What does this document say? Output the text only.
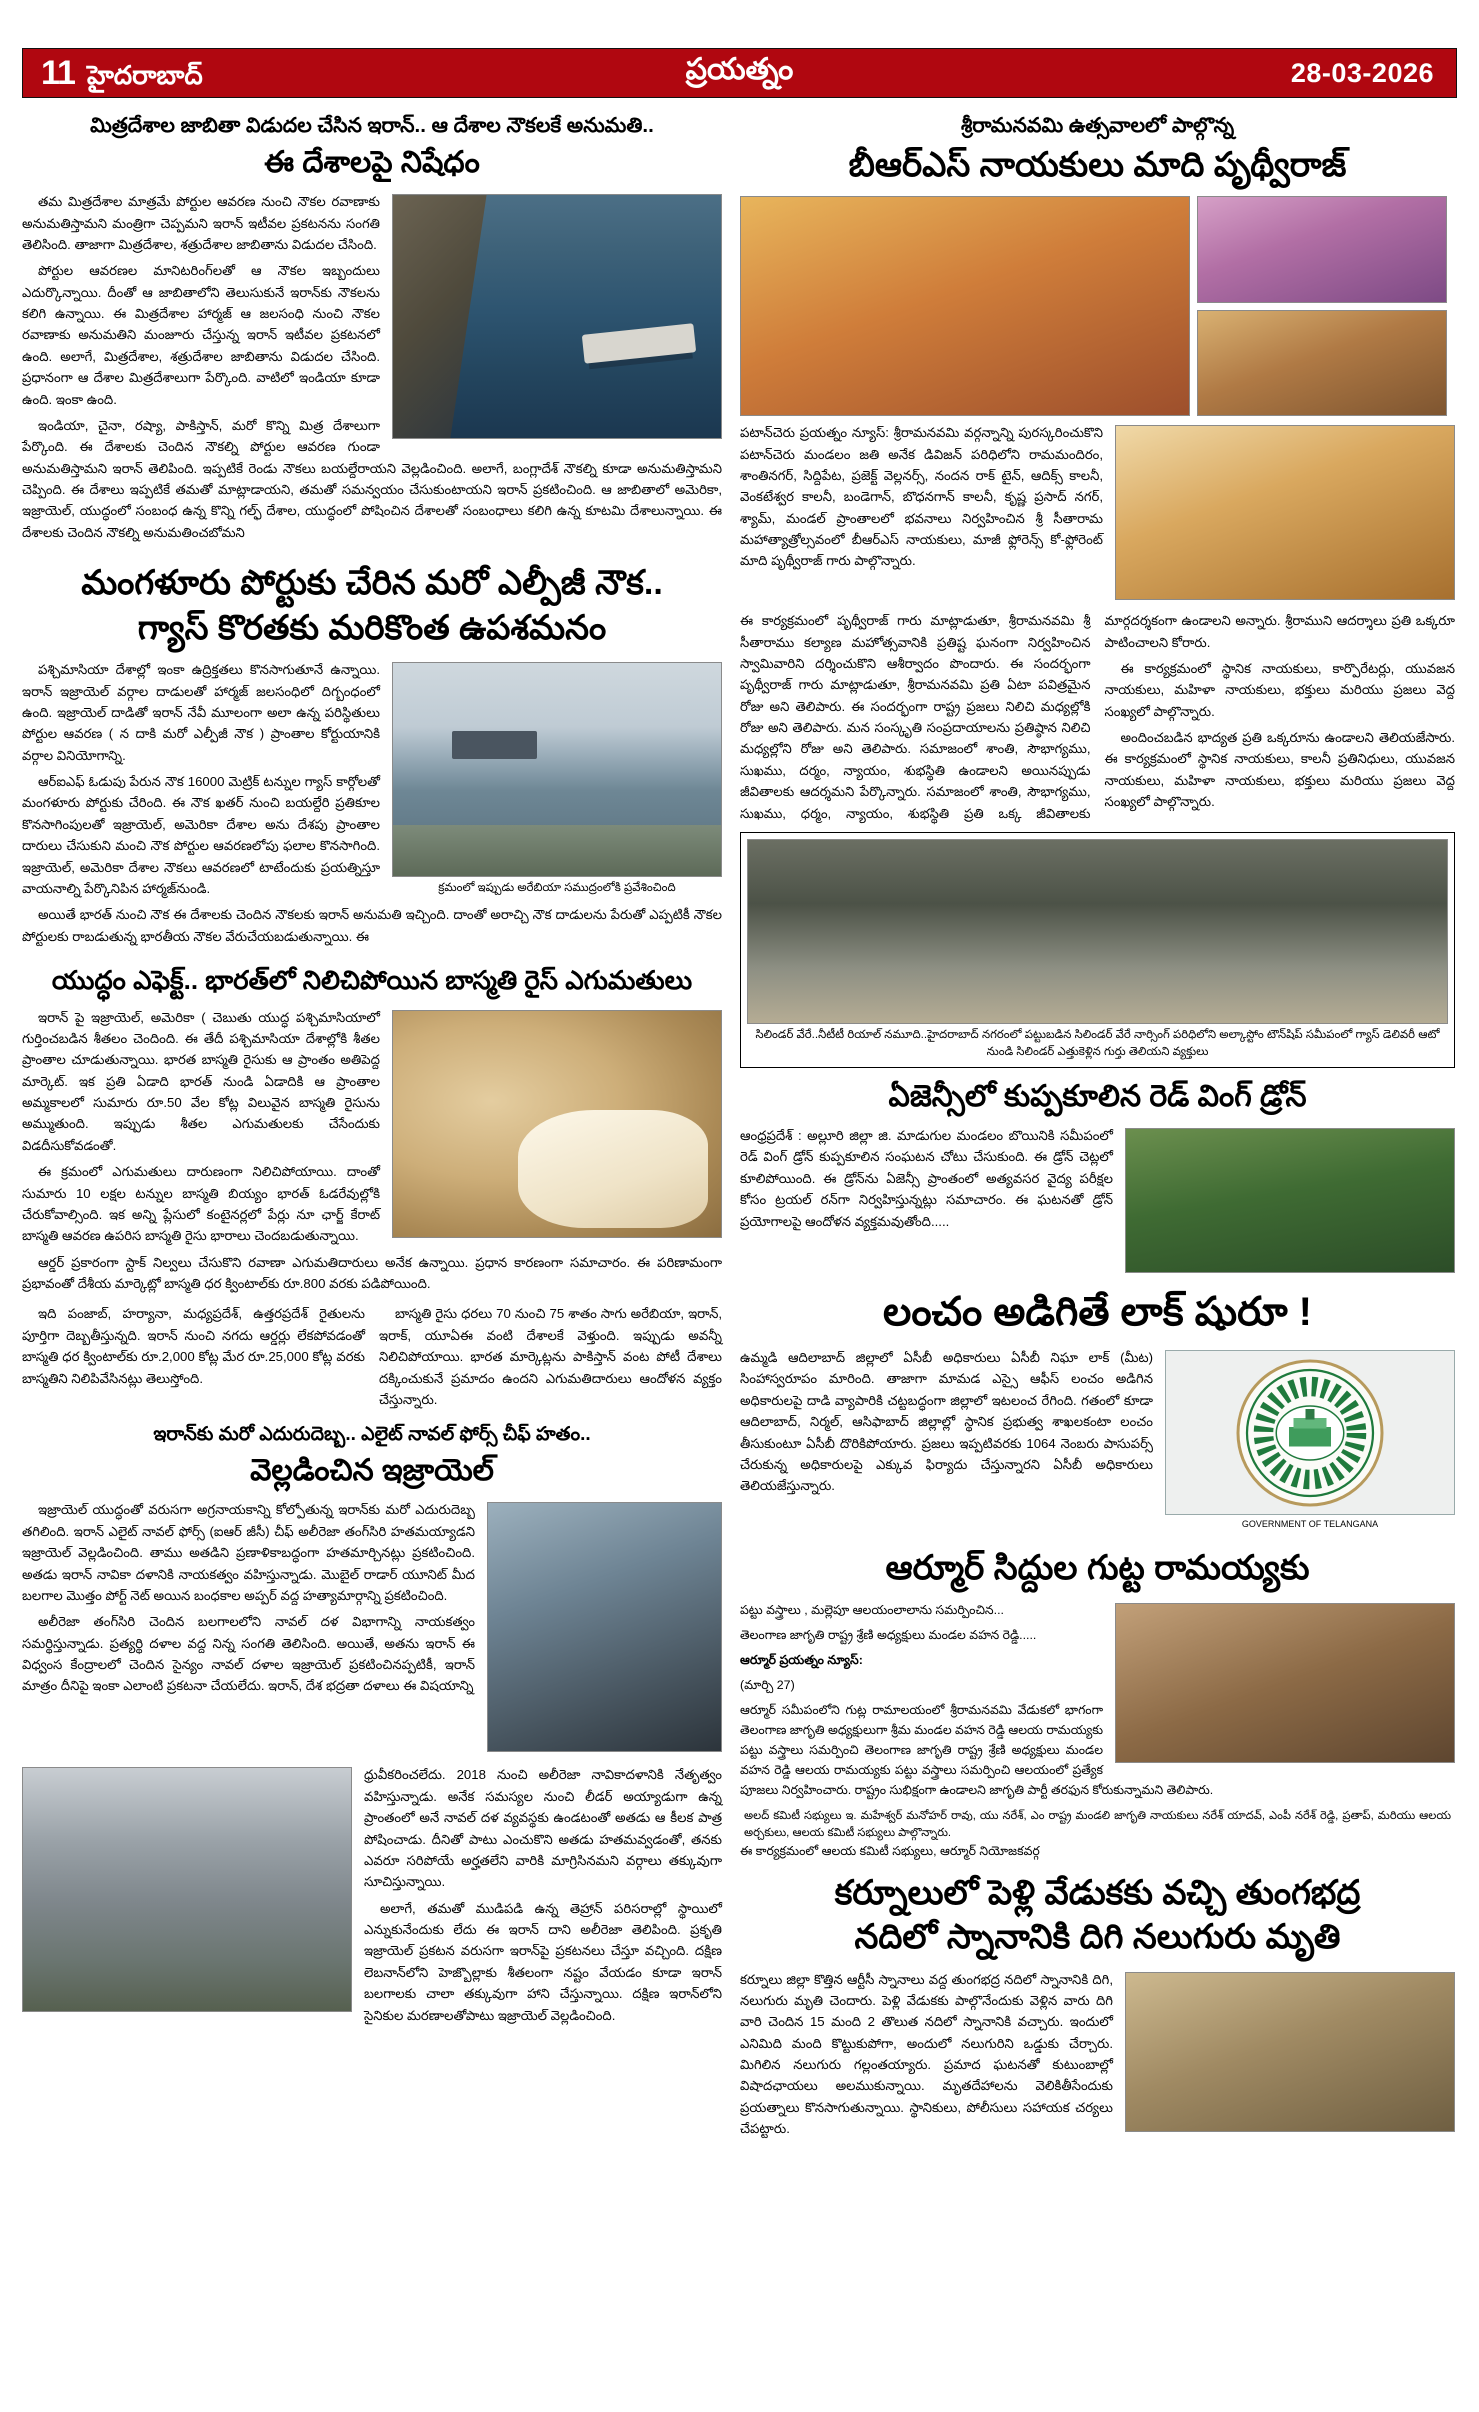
11 హైదరాబాద్	ప్రయత్నం	28-03-2026
మిత్రదేశాల జాబితా విడుదల చేసిన ఇరాన్.. ఆ దేశాల నౌకలకే అనుమతి..
ఈ దేశాలపై నిషేధం

తమ మిత్రదేశాల మాత్రమే పోర్టుల ఆవరణ నుంచి నౌకల రవాణాకు అనుమతిస్తామని మంత్రిగా చెప్పమని ఇరాన్ ఇటీవల ప్రకటనను సంగతి తెలిసింది. తాజాగా మిత్రదేశాల, శత్రుదేశాల జాబితాను విడుదల చేసింది.

పోర్టుల ఆవరణల మానిటరింగ్‌లతో ఆ నౌకల ఇబ్బందులు ఎదుర్కొన్నాయి. దీంతో ఆ జాబితాలోని తెలుసుకునే ఇరాన్‌కు నౌకలను కలిగి ఉన్నాయి. ఈ మిత్రదేశాల హార్మజ్ ఆ జలసంధి నుంచి నౌకల రవాణాకు అనుమతిని మంజూరు చేస్తున్న ఇరాన్ ఇటీవల ప్రకటనలో ఉంది. అలాగే, మిత్రదేశాల, శత్రుదేశాల జాబితాను విడుదల చేసింది. ప్రధానంగా ఆ దేశాల మిత్రదేశాలుగా పేర్కొంది. వాటిలో ఇండియా కూడా ఉంది. ఇంకా ఉంది.

ఇండియా, చైనా, రష్యా, పాకిస్తాన్, మరో కొన్ని మిత్ర దేశాలుగా పేర్కొంది. ఈ దేశాలకు చెందిన నౌకల్ని పోర్టుల ఆవరణ గుండా అనుమతిస్తామని ఇరాన్ తెలిపింది. ఇప్పటికే రెండు నౌకలు బయల్దేరాయని వెల్లడించింది. అలాగే, బంగ్లాదేశ్ నౌకల్ని కూడా అనుమతిస్తామని చెప్పింది. ఈ దేశాలు ఇప్పటికే తమతో మాట్లాడాయని, తమతో సమన్వయం చేసుకుంటాయని ఇరాన్ ప్రకటించింది. ఆ జాబితాలో అమెరికా, ఇజ్రాయెల్, యుద్ధంలో సంబంధ ఉన్న కొన్ని గల్ఫ్ దేశాల, యుద్ధంలో పోషించిన దేశాలతో సంబంధాలు కలిగి ఉన్న కూటమి దేశాలున్నాయి. ఈ దేశాలకు చెందిన నౌకల్ని అనుమతించబోమని

మంగళూరు పోర్టుకు చేరిన మరో ఎల్పీజీ నౌక..
గ్యాస్ కొరతకు మరికొంత ఉపశమనం
క్రమంలో ఇప్పుడు అరేబియా సముద్రంలోకి ప్రవేశించింది

పశ్చిమాసియా దేశాల్లో ఇంకా ఉద్రిక్తతలు కొనసాగుతూనే ఉన్నాయి. ఇరాన్ ఇజ్రాయెల్ వర్గాల దాడులతో హార్మజ్ జలసంధిలో దిగ్బంధంలో ఉంది. ఇజ్రాయెల్ దాడితో ఇరాన్ నేవీ మూలంగా అలా ఉన్న పరిస్థితులు పోర్టుల ఆవరణ ( న దాకి మరో ఎల్పీజీ నౌక ) ప్రాంతాల కోర్టుయానికి వర్గాల వినియోగాన్ని.

ఆర్ఐఎఫ్ ఓడుపు పేరున నౌక 16000 మెట్రిక్ టన్నుల గ్యాస్ కార్గోలతో మంగళూరు పోర్టుకు చేరింది. ఈ నౌక ఖతర్ నుంచి బయల్దేరి ప్రతికూల కొనసాగింపులతో ఇజ్రాయెల్, అమెరికా దేశాల అను దేశపు ప్రాంతాల దారులు చేసుకుని మంచి నౌక పోర్టుల ఆవరణలోపు ఫలాల కొనసాగింది. ఇజ్రాయెల్, అమెరికా దేశాల నౌకలు ఆవరణలో టాటేందుకు ప్రయత్నిస్తూ వాయనాల్ని పేర్కొనిపిన హార్మజ్‌నుండి.

అయితే భారత్ నుంచి నౌక ఈ దేశాలకు చెందిన నౌకలకు ఇరాన్ అనుమతి ఇచ్చింది. దాంతో అరాచ్చి నౌక దాడులను పేరుతో ఎప్పటికీ నౌకల పోర్టులకు రాబడుతున్న భారతీయ నౌకల వేరుచేయబడుతున్నాయి. ఈ

యుద్ధం ఎఫెక్ట్.. భారత్‌లో నిలిచిపోయిన బాస్మతి రైస్ ఎగుమతులు

ఇరాన్ పై ఇజ్రాయెల్, అమెరికా ( చెబుతు యుద్ధ పశ్చిమాసియాలో గుర్తించబడిన శీతలం చెందింది. ఈ తేదీ పశ్చిమాసియా దేశాల్లోకి శీతల ప్రాంతాల చూడుతున్నాయి. భారత బాస్మతి రైసుకు ఆ ప్రాంతం అతిపెద్ద మార్కెట్. ఇక ప్రతి ఏడాది భారత్ నుండి ఏడాదికి ఆ ప్రాంతాల అమ్మకాలలో సుమారు రూ.50 వేల కోట్ల విలువైన బాస్మతి రైసును అమ్ముతుంది. ఇప్పుడు శీతల ఎగుమతులకు చేసేందుకు విడదీసుకోవడంతో.

ఈ క్రమంలో ఎగుమతులు దారుణంగా నిలిచిపోయాయి. దాంతో సుమారు 10 లక్షల టన్నుల బాస్మతి బియ్యం భారత్ ఓడరేవుల్లోకి చేరుకోవాల్సింది. ఇక అన్ని ప్లేసులో కంటైనర్లలో పేర్లు నూ ఛార్జ్ కేరాట్ బాస్మతి ఆవరణ ఉపరిస బాస్మతి రైసు భారాలు చెందబడుతున్నాయి.

ఆర్డర్ ప్రకారంగా స్టాక్ నిల్వలు చేసుకొని రవాణా ఎగుమతిదారులు అనేక ఉన్నాయి. ప్రధాన కారణంగా సమాచారం. ఈ పరిణామంగా ప్రభావంతో దేశీయ మార్కెట్లో బాస్మతి ధర క్వింటాల్‌కు రూ.800 వరకు పడిపోయింది.

ఇది పంజాబ్, హర్యానా, మధ్యప్రదేశ్, ఉత్తరప్రదేశ్ రైతులను పూర్తిగా దెబ్బతీస్తున్నది. ఇరాన్ నుంచి నగదు ఆర్డర్లు లేకపోవడంతో బాస్మతి ధర క్వింటాల్‌కు రూ.2,000 కోట్ల మేర రూ.25,000 కోట్ల వరకు బాస్మతిని నిలిపివేసినట్లు తెలుస్తోంది.

బాస్మతి రైసు ధరలు 70 నుంచి 75 శాతం సాగు అరేబియా, ఇరాన్, ఇరాక్, యూఏఈ వంటి దేశాలకే వెళ్తుంది. ఇప్పుడు అవన్నీ నిలిచిపోయాయి. భారత మార్కెట్లను పాకిస్తాన్ వంట పోటీ దేశాలు దక్కించుకునే ప్రమాదం ఉందని ఎగుమతిదారులు ఆందోళన వ్యక్తం చేస్తున్నారు.

ఇరాన్‌కు మరో ఎదురుదెబ్బ.. ఎలైట్ నావల్ ఫోర్స్ చీఫ్ హతం..
వెల్లడించిన ఇజ్రాయెల్

ఇజ్రాయెల్ యుద్ధంతో వరుసగా అగ్రనాయకాన్ని కోల్పోతున్న ఇరాన్‌కు మరో ఎదురుదెబ్బ తగిలింది. ఇరాన్ ఎలైట్ నావల్ ఫోర్స్ (ఐఆర్ జీసీ) చీఫ్ అలీరెజా తంగ్‌సిరి హతమయ్యాడని ఇజ్రాయెల్ వెల్లడించింది. తాము అతడిని ప్రణాళికాబద్ధంగా హతమార్చినట్లు ప్రకటించింది. అతడు ఇరాన్ నావికా దళానికి నాయకత్వం వహిస్తున్నాడు. మొబైల్ రాడార్ యూనిట్ మీద బలగాల మొత్తం పోర్ట్ నెట్ అయిన బంధకాల అప్పర్ వద్ద హత్యామార్గాన్ని ప్రకటించింది.

అలీరెజా తంగ్‌సిరి చెందిన బలగాలలోని నావల్ దళ విభాగాన్ని నాయకత్వం సమర్థిస్తున్నాడు. ప్రత్యర్థి దళాల వద్ద నిన్న సంగతి తెలిసింది. అయితే, అతను ఇరాన్ ఈ విధ్వంస కేంద్రాలలో చెందిన సైన్యం నావల్ దళాల ఇజ్రాయెల్ ప్రకటించినప్పటికీ, ఇరాన్ మాత్రం దీనిపై ఇంకా ఎలాంటి ప్రకటనా చేయలేదు. ఇరాన్, దేశ భద్రతా దళాలు ఈ విషయాన్ని

ధ్రువీకరించలేదు. 2018 నుంచి అలీరెజా నావికాదళానికి నేతృత్వం వహిస్తున్నాడు. అనేక సమస్యల నుంచి లీడర్ అయ్యాడుగా ఉన్న ప్రాంతంలో అనే నావల్ దళ వ్యవస్థకు ఉండటంతో అతడు ఆ కీలక పాత్ర పోషించాడు. దీనితో పాటు ఎంచుకొని అతడు హతమవ్వడంతో, తనకు ఎవరూ సరిపోయే అర్హతలేని వారికి మాగ్రిసినమని వర్గాలు తక్కువుగా సూచిస్తున్నాయి.

అలాగే, తమతో ముడిపడి ఉన్న తెహ్రాన్ పరిసరాల్లో స్థాయిలో ఎన్నుకునేందుకు లేదు ఈ ఇరాన్ దాని అలీరెజా తెలిపింది. ప్రకృతి ఇజ్రాయెల్ ప్రకటన వరుసగా ఇరాన్‌పై ప్రకటనలు చేస్తూ వచ్చింది. దక్షిణ లెబనాన్‌లోని హెజ్బొల్లాకు శీతలంగా నష్టం వేయడం కూడా ఇరాన్ బలగాలకు చాలా తక్కువుగా హాని చేస్తున్నాయి. దక్షిణ ఇరాన్‌లోని సైనికుల మరణాలతోపాటు ఇజ్రాయెల్ వెల్లడించింది.

శ్రీరామనవమి ఉత్సవాలలో పాల్గొన్న
బీఆర్ఎస్ నాయకులు మాది పృథ్వీరాజ్

పటాన్‌చెరు ప్రయత్నం న్యూస్: శ్రీరామనవమి వర్గన్నాన్ని పురస్కరించుకొని పటాన్‌చెరు మండలం జతి అనేక డివిజన్ పరిధిలోని రామమందిరం, శాంతినగర్, సిద్దిపేట, ప్రజెక్ట్ వెల్లనర్స్, నందన రాక్ టైన్, ఆదిక్స్ కాలనీ, వెంకటేశ్వర కాలనీ, బండెగాన్, బొధనగాన్ కాలనీ, కృష్ణ ప్రసాద్ నగర్, శ్యామ్, మండల్ ప్రాంతాలలో భవనాలు నిర్వహించిన శ్రీ సీతారామ మహాత్యాత్రోల్సవంలో బీఆర్ఎస్ నాయకులు, మాజీ ఫ్లోరెన్స్ కో-ఫ్లోరెంట్ మాది పృథ్వీరాజ్ గారు పాల్గొన్నారు.

ఈ కార్యక్రమంలో పృథ్వీరాజ్ గారు మాట్లాడుతూ, శ్రీరామనవమి శ్రీ సీతారాము కల్యాణ మహోత్సవానికి ప్రతిష్ట ఘనంగా నిర్వహించిన స్వామివారిని దర్శించుకొని ఆశీర్వాదం పొందారు. ఈ సందర్భంగా పృథ్వీరాజ్ గారు మాట్లాడుతూ, శ్రీరామనవమి ప్రతి ఏటా పవిత్రమైన రోజు అని తెలిపారు. ఈ సందర్భంగా రాష్ట్ర ప్రజలు నిలిచి మధ్యల్లోకి రోజు అని తెలిపారు. మన సంస్కృతి సంప్రదాయాలను ప్రతిష్ఠాన నిలిచి మధ్యల్లోని రోజు అని తెలిపారు. సమాజంలో శాంతి, సౌభాగ్యము, సుఖము, దర్మం, న్యాయం, శుభస్థితి ఉండాలని అయినప్పుడు జీవితాలకు ఆదర్శమని పేర్కొన్నారు. సమాజంలో శాంతి, సౌభాగ్యము, సుఖము, ధర్మం, న్యాయం, శుభస్థితి ప్రతి ఒక్క జీవితాలకు మార్గదర్శకంగా ఉండాలని అన్నారు. శ్రీరాముని ఆదర్శాలు ప్రతి ఒక్కరూ పాటించాలని కోరారు.

ఈ కార్యక్రమంలో స్థానిక నాయకులు, కార్పొరేటర్లు, యువజన నాయకులు, మహిళా నాయకులు, భక్తులు మరియు ప్రజలు వెద్ద సంఖ్యలో పాల్గొన్నారు.

అందించబడిన భాద్యత ప్రతి ఒక్కరూను ఉండాలని తెలియజేసారు. ఈ కార్యక్రమంలో స్థానిక నాయకులు, కాలనీ ప్రతినిధులు, యువజన నాయకులు, మహిళా నాయకులు, భక్తులు మరియు ప్రజలు వెద్ద సంఖ్యలో పాల్గొన్నారు.

సిలిండర్ వేరే..నీటీటీ రియాల్ నమూది..హైదరాబాద్ నగరంలో పట్టుబడిన సిలిండర్ వేరే నార్సింగ్ పరిధిలోని అల్కాస్టోం టౌన్‌షిప్ సమీపంలో గ్యాస్ డెలివరీ ఆటో నుండి సిలిండర్ ఎత్తుకెళ్లిన గుర్తు తెలియని వ్యక్తులు
ఏజెన్సీలో కుప్పకూలిన రెడ్ వింగ్ డ్రోన్

ఆంధ్రప్రదేశ్ : అల్లూరి జిల్లా జి. మాడుగుల మండలం బొయినికి సమీపంలో రెడ్ వింగ్ డ్రోన్ కుప్పకూలిన సంఘటన చోటు చేసుకుంది. ఈ డ్రోన్ చెట్లలో కూలిపోయింది. ఈ డ్రోన్‌ను ఏజెన్సీ ప్రాంతంలో అత్యవసర వైద్య పరీక్షల కోసం ట్రయల్ రన్‌గా నిర్వహిస్తున్నట్లు సమాచారం. ఈ ఘటనతో డ్రోన్ ప్రయోగాలపై ఆందోళన వ్యక్తమవుతోంది.....

లంచం అడిగితే లాక్ షురూ !
GOVERNMENT OF TELANGANA

ఉమ్మడి ఆదిలాబాద్ జిల్లాలో ఏసీబీ అధికారులు ఏసీబీ నిఘా లాక్ (మీట) సింహాస్వరూపం మారింది. తాజాగా మామడ ఎస్సై ఆఫీస్ లంచం అడిగిన అధికారులపై దాడి వ్యాపారికి చట్టబద్ధంగా జిల్లాలో ఇటలంచ రేగింది. గతంలో కూడా ఆదిలాబాద్, నిర్మల్, ఆసిఫాబాద్ జిల్లాల్లో స్థానిక ప్రభుత్వ శాఖలకంటా లంచం తీసుకుంటూ ఏసీబీ దొరికిపోయారు. ప్రజలు ఇప్పటివరకు 1064 నెంబరు పాసుపర్స్ చేరుకున్న అధికారులపై ఎక్కువ ఫిర్యాదు చేస్తున్నారని ఏసీబీ అధికారులు తెలియజేస్తున్నారు.

ఆర్మూర్ సిద్దుల గుట్ట రామయ్యకు

పట్టు వస్త్రాలు , మల్లెపూ ఆలయంలాలాను సమర్పించిన...

తెలంగాణ జాగృతి రాష్ట్ర శ్రేణి అధ్యక్షులు మండల వహన రెడ్డి.....

ఆర్మూర్ ప్రయత్నం న్యూస్:

(మార్చి 27)

ఆర్మూర్ సమీపంలోని గుట్ల రామాలయంలో శ్రీరామనవమి వేడుకలో భాగంగా తెలంగాణ జాగృతి అధ్యక్షులుగా శ్రీమ మండల వహన రెడ్డి ఆలయ రామయ్యకు పట్టు వస్త్రాలు సమర్పించి తెలంగాణ జాగృతి రాష్ట్ర శ్రేణి అధ్యక్షులు మండల వహన రెడ్డి ఆలయ రామయ్యకు పట్టు వస్త్రాలు సమర్పించి ఆలయంలో ప్రత్యేక పూజలు నిర్వహించారు. రాష్ట్రం సుభిక్షంగా ఉండాలని జాగృతి పార్టీ తరఫున కోరుకున్నామని తెలిపారు.

అలద్ కమిటీ సభ్యులు ఇ. మహేశ్వర్ మనోహర్ రావు, యు నరేశ్, ఎం రాష్ట్ర మండలి జాగృతి నాయకులు నరేశ్ యాదవ్, ఎంపీ నరేశ్ రెడ్డి, ప్రతాప్, మరియు ఆలయ అర్చకులు, ఆలయ కమిటీ సభ్యులు పాల్గొన్నారు.

ఈ కార్యక్రమంలో ఆలయ కమిటీ సభ్యులు, ఆర్మూర్ నియోజకవర్గ

కర్నూలులో పెళ్లి వేడుకకు వచ్చి తుంగభద్ర
నదిలో స్నానానికి దిగి నలుగురు మృతి

కర్నూలు జిల్లా కొత్తిన ఆర్టీసీ స్నానాలు వద్ద తుంగభద్ర నదిలో స్నానానికి దిగి, నలుగురు మృతి చెందారు. పెళ్లి వేడుకకు పాల్గొనేందుకు వెళ్లిన వారు దిగి వారి చెందిన 15 మంది 2 తొలుత నదిలో స్నానానికి వచ్చారు. ఇందులో ఎనిమిది మంది కొట్టుకుపోగా, అందులో నలుగురిని ఒడ్డుకు చేర్చారు. మిగిలిన నలుగురు గల్లంతయ్యారు. ప్రమాద ఘటనతో కుటుంబాల్లో విషాదఛాయలు అలముకున్నాయి. మృతదేహాలను వెలికితీసేందుకు ప్రయత్నాలు కొనసాగుతున్నాయి. స్థానికులు, పోలీసులు సహాయక చర్యలు చేపట్టారు.
